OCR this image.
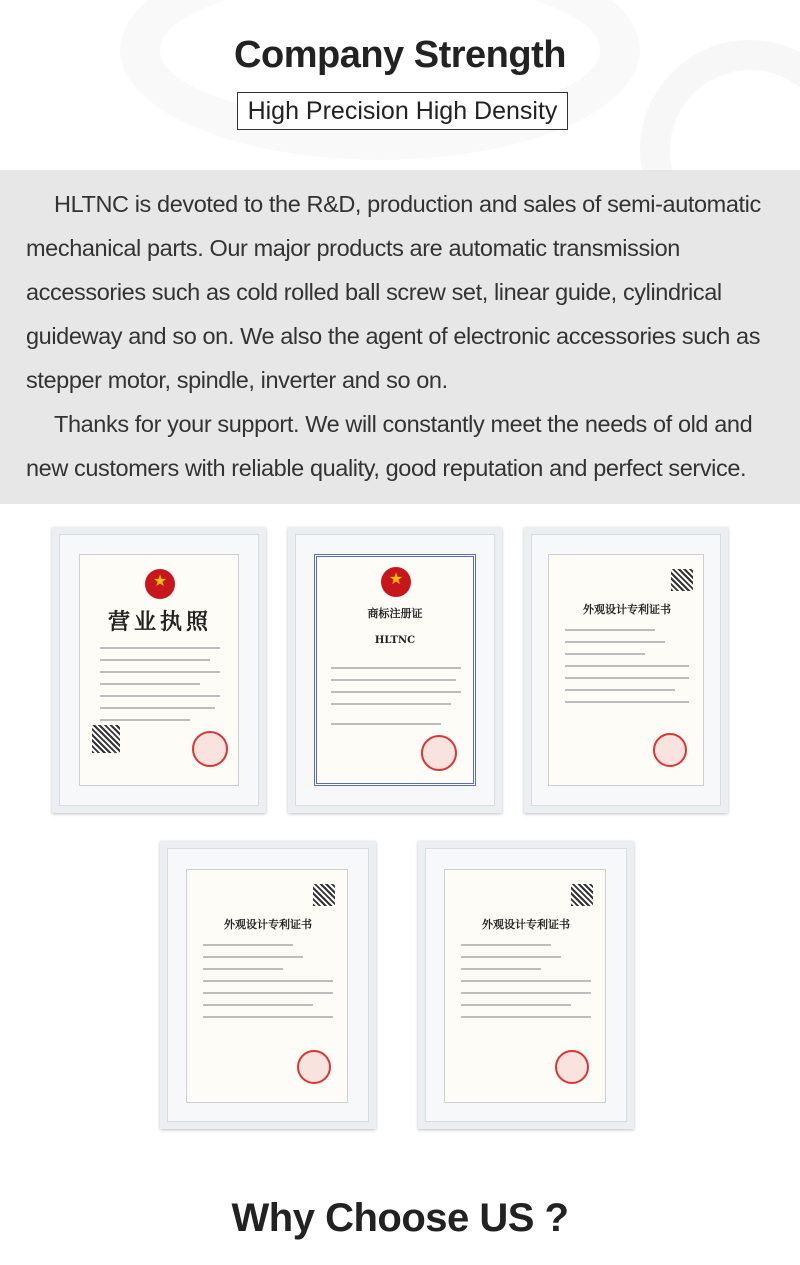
Company Strength
High Precision High Density

HLTNC is devoted to the R&D, production and sales of semi-automatic mechanical parts. Our major products are automatic transmission accessories such as cold rolled ball screw set, linear guide, cylindrical guideway and so on. We also the agent of electronic accessories such as stepper motor, spindle, inverter and so on.

Thanks for your support. We will constantly meet the needs of old and new customers with reliable quality, good reputation and perfect service.

★
营业执照
★	商标注册证
HLTNC
外观设计专利证书
外观设计专利证书	外观设计专利证书
Why Choose US ?
